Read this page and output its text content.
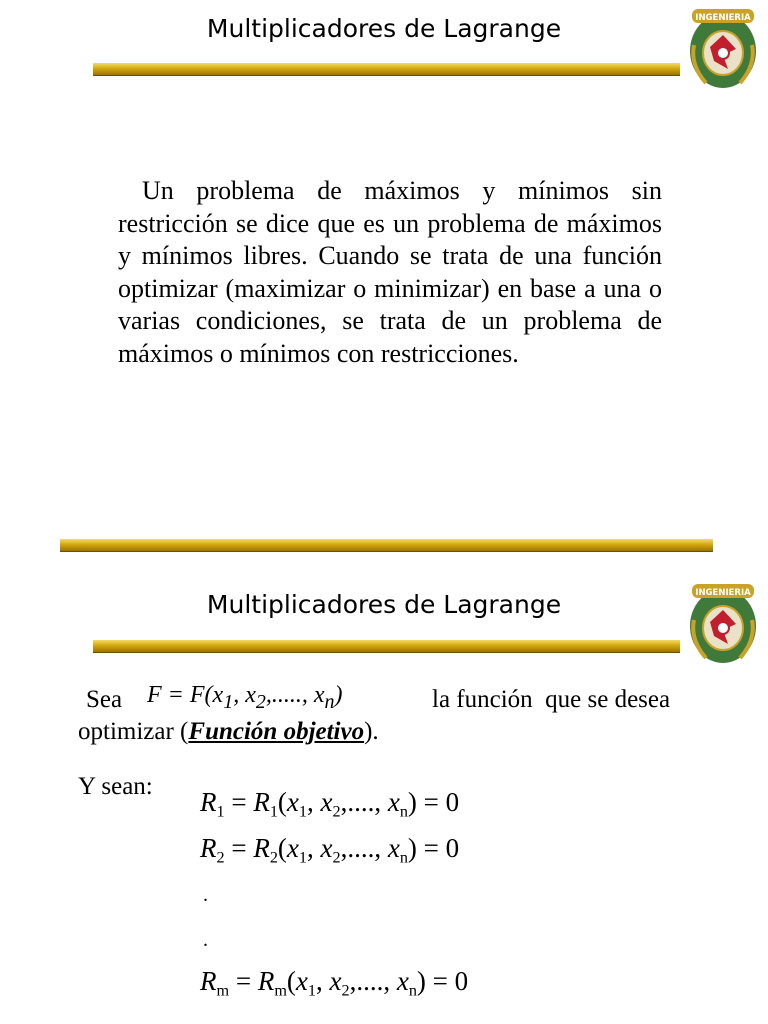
Multiplicadores de Lagrange	INGENIERIA
Un problema de máximos y mínimos sin restricción se dice que es un problema de máximos y mínimos libres. Cuando se trata de una función optimizar (maximizar o minimizar) en base a una o varias condiciones, se trata de un problema de máximos o mínimos con restricciones.
Multiplicadores de Lagrange	INGENIERIA
Sea $F = F(x_1$, $x_2$,....., $x_n$)	la función  que se desea
optimizar (Función objetivo).
Y sean:
$R_1 = R_1(x_1$, $x_2$,...., $x_n) = 0$
$R_2 = R_2(x_1$, $x_2$,...., $x_n) = 0$
.
.
$R_m = R_m(x_1$, $x_2$,...., $x_n) = 0$
